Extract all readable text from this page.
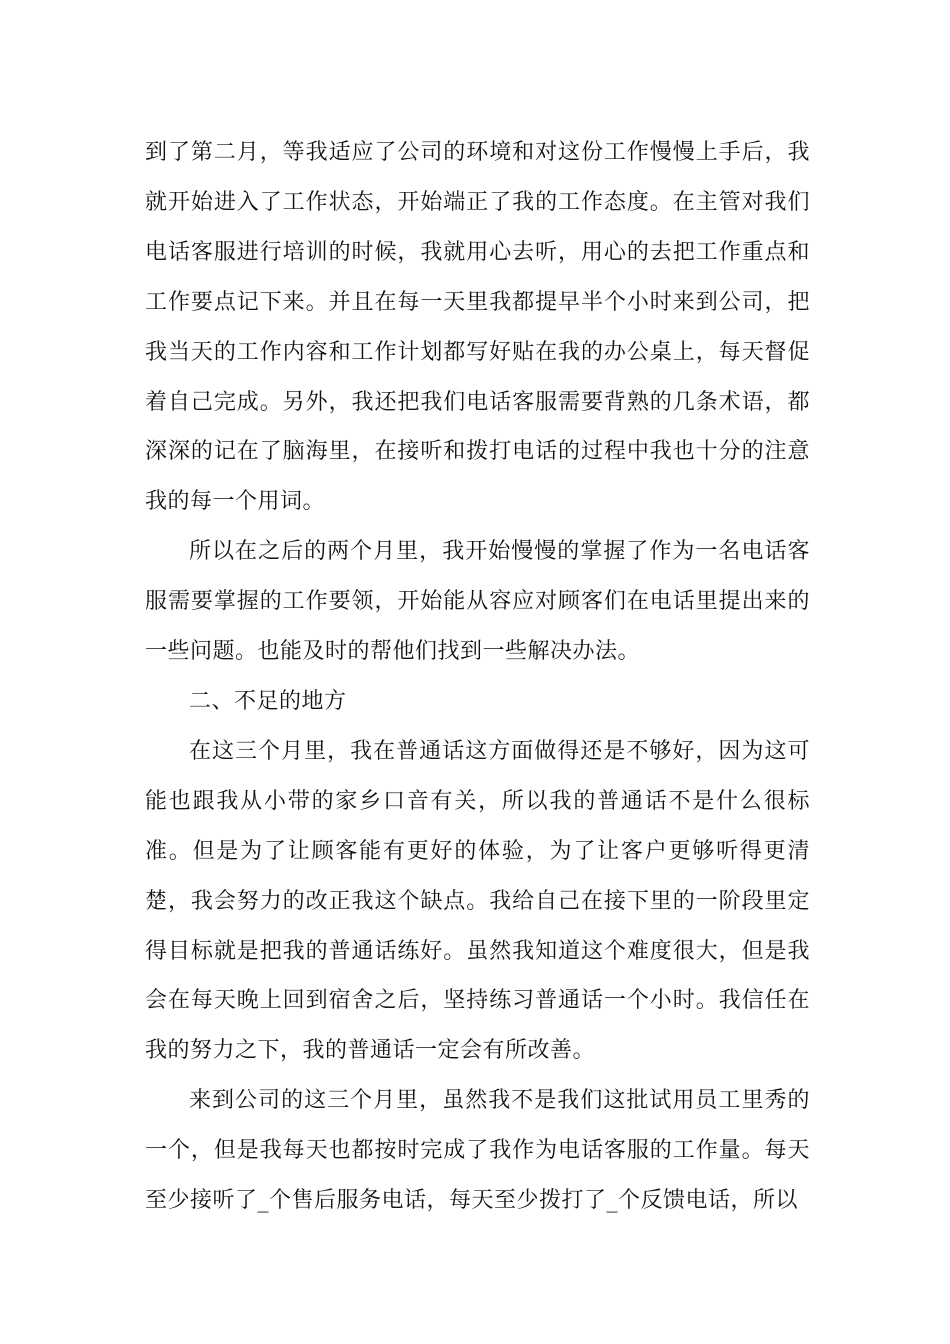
到了第二月，等我适应了公司的环境和对这份工作慢慢上手后，我就开始进入了工作状态，开始端正了我的工作态度。在主管对我们电话客服进行培训的时候，我就用心去听，用心的去把工作重点和工作要点记下来。并且在每一天里我都提早半个小时来到公司，把我当天的工作内容和工作计划都写好贴在我的办公桌上，每天督促着自己完成。另外，我还把我们电话客服需要背熟的几条术语，都深深的记在了脑海里，在接听和拨打电话的过程中我也十分的注意我的每一个用词。

所以在之后的两个月里，我开始慢慢的掌握了作为一名电话客服需要掌握的工作要领，开始能从容应对顾客们在电话里提出来的一些问题。也能及时的帮他们找到一些解决办法。

二、不足的地方

在这三个月里，我在普通话这方面做得还是不够好，因为这可能也跟我从小带的家乡口音有关，所以我的普通话不是什么很标准。但是为了让顾客能有更好的体验，为了让客户更够听得更清楚，我会努力的改正我这个缺点。我给自己在接下里的一阶段里定得目标就是把我的普通话练好。虽然我知道这个难度很大，但是我会在每天晚上回到宿舍之后，坚持练习普通话一个小时。我信任在我的努力之下，我的普通话一定会有所改善。

来到公司的这三个月里，虽然我不是我们这批试用员工里秀的一个，但是我每天也都按时完成了我作为电话客服的工作量。每天至少接听了_个售后服务电话，每天至少拨打了_个反馈电话，所以
